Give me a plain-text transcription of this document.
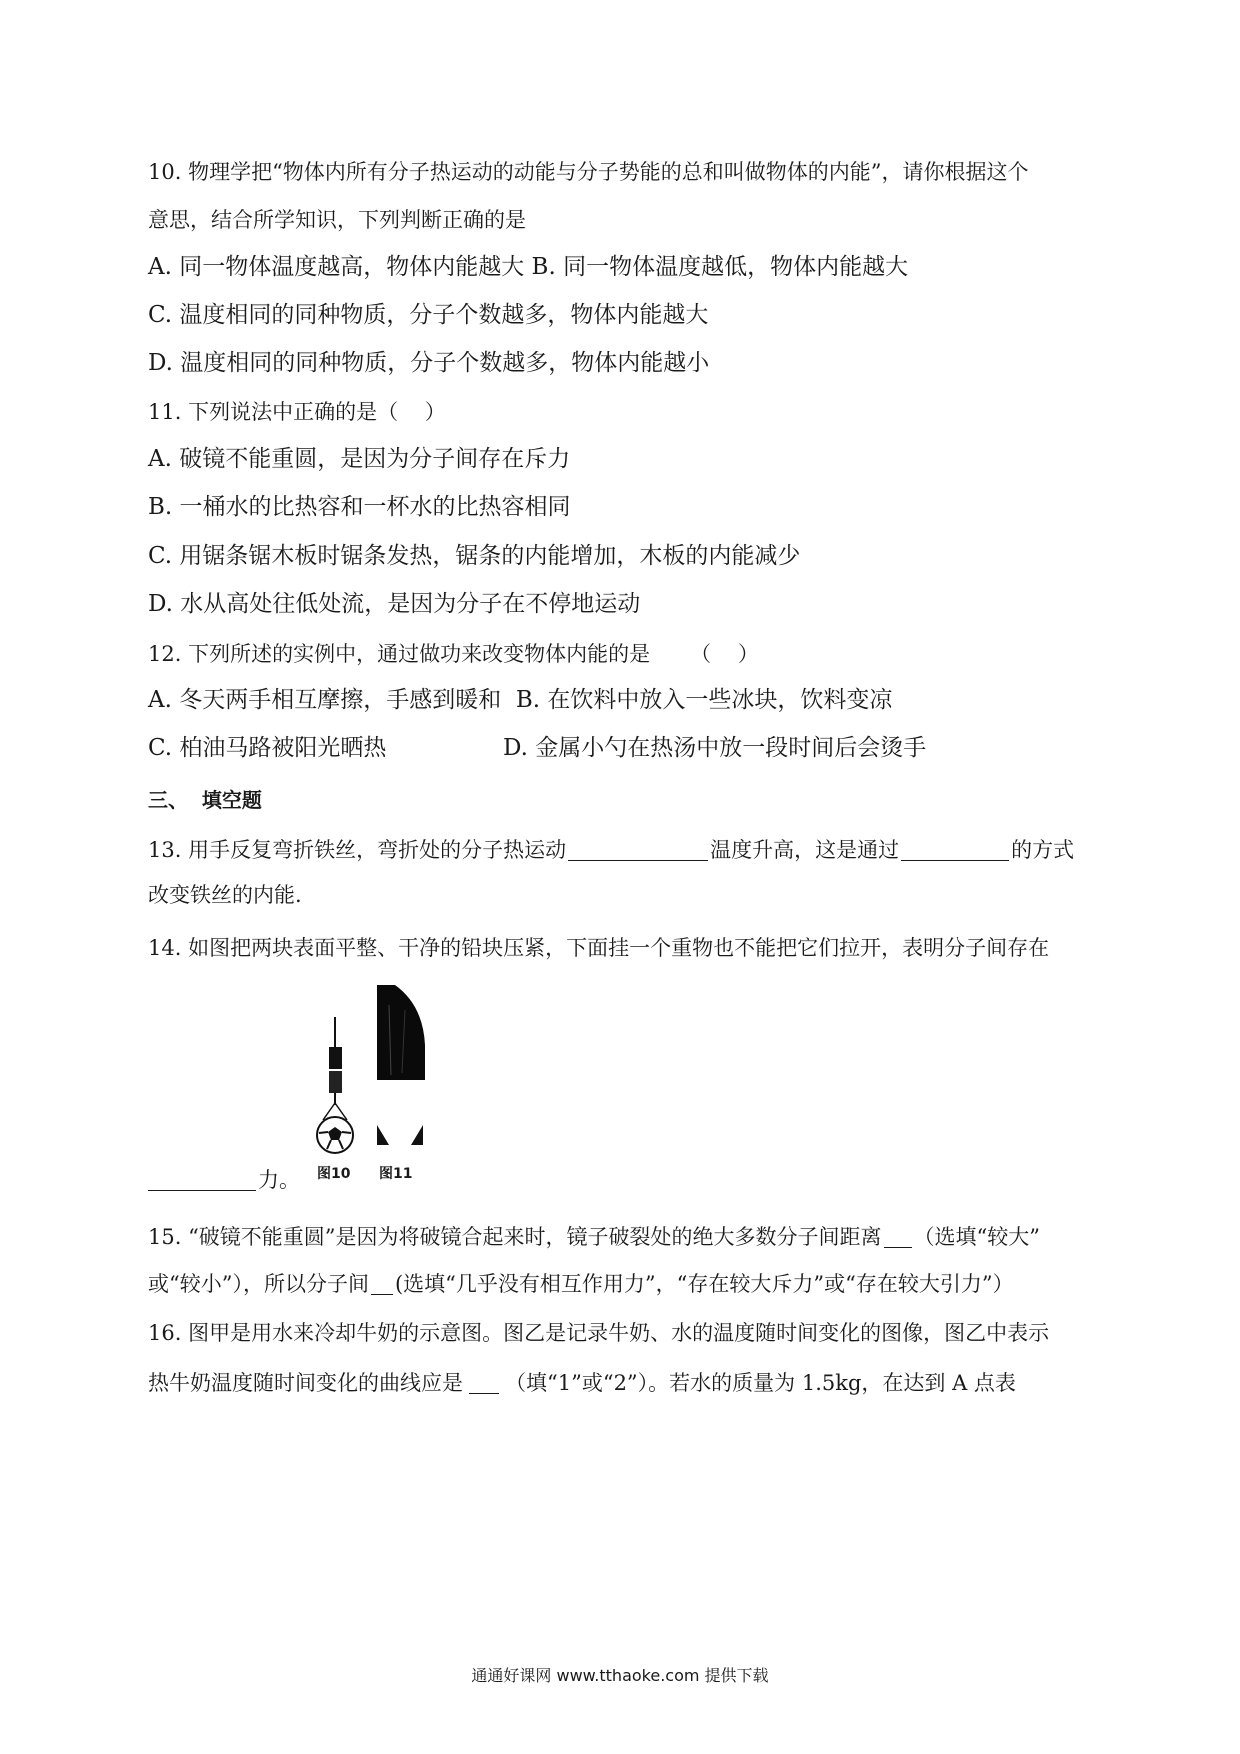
10. 物理学把“物体内所有分子热运动的动能与分子势能的总和叫做物体的内能”，请你根据这个
意思，结合所学知识，下列判断正确的是
A. 同一物体温度越高，物体内能越大 B. 同一物体温度越低，物体内能越大
C. 温度相同的同种物质，分子个数越多，物体内能越大
D. 温度相同的同种物质，分子个数越多，物体内能越小
11. 下列说法中正确的是（    ）
A. 破镜不能重圆，是因为分子间存在斥力
B. 一桶水的比热容和一杯水的比热容相同
C. 用锯条锯木板时锯条发热，锯条的内能增加，木板的内能减少
D. 水从高处往低处流，是因为分子在不停地运动
12. 下列所述的实例中，通过做功来改变物体内能的是      （    ）
A. 冬天两手相互摩擦，手感到暖和  B. 在饮料中放入一些冰块，饮料变凉
C. 柏油马路被阳光晒热	D. 金属小勺在热汤中放一段时间后会烫手
三、  填空题
13. 用手反复弯折铁丝，弯折处的分子热运动	温度升高，这是通过	的方式
改变铁丝的内能.
14. 如图把两块表面平整、干净的铅块压紧，下面挂一个重物也不能把它们拉开，表明分子间存在
图10 图11
力。
15. “破镜不能重圆”是因为将破镜合起来时，镜子破裂处的绝大多数分子间距离 （选填“较大”
或“较小”），所以分子间 (选填“几乎没有相互作用力”，“存在较大斥力”或“存在较大引力”）
16. 图甲是用水来冷却牛奶的示意图。图乙是记录牛奶、水的温度随时间变化的图像，图乙中表示
热牛奶温度随时间变化的曲线应是 （填“1”或“2”）。若水的质量为 1.5kg，在达到 A 点表
通通好课网 www.tthaoke.com 提供下载
